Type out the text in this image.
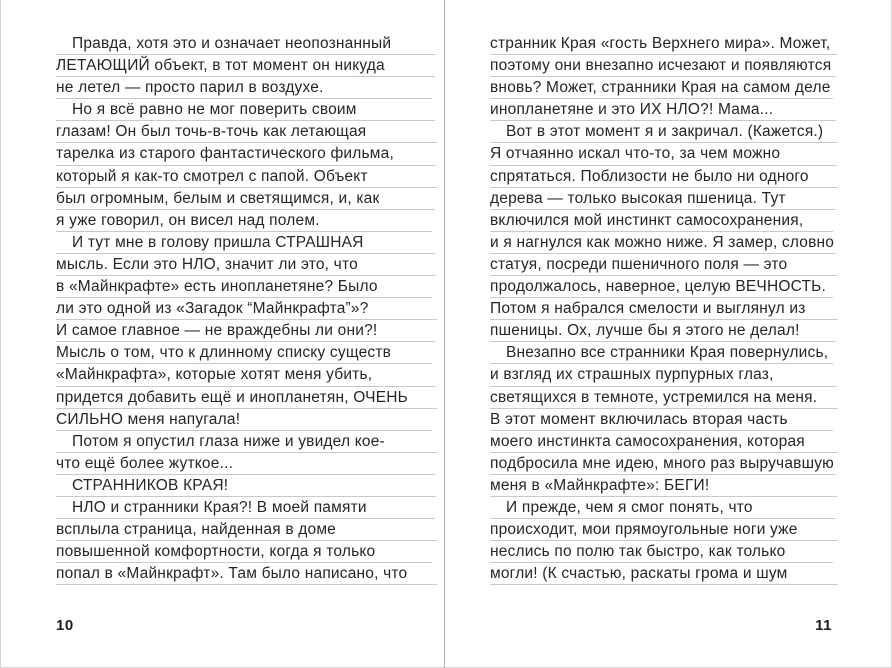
Правда, хотя это и означает неопознанный
ЛЕТАЮЩИЙ объект, в тот момент он никуда
не летел — просто парил в воздухе.
Но я всё равно не мог поверить своим
глазам! Он был точь-в-точь как летающая
тарелка из старого фантастического фильма,
который я как-то смотрел с папой. Объект
был огромным, белым и светящимся, и, как
я уже говорил, он висел над полем.
И тут мне в голову пришла СТРАШНАЯ
мысль. Если это НЛО, значит ли это, что
в «Майнкрафте» есть инопланетяне? Было
ли это одной из «Загадок “Майнкрафта”»?
И самое главное — не враждебны ли они?!
Мысль о том, что к длинному списку существ
«Майнкрафта», которые хотят меня убить,
придется добавить ещё и инопланетян, ОЧЕНЬ
СИЛЬНО меня напугала!
Потом я опустил глаза ниже и увидел кое-
что ещё более жуткое...
СТРАННИКОВ КРАЯ!
НЛО и странники Края?! В моей памяти
всплыла страница, найденная в доме
повышенной комфортности, когда я только
попал в «Майнкрафт». Там было написано, что
10
странник Края «гость Верхнего мира». Может,
поэтому они внезапно исчезают и появляются
вновь? Может, странники Края на самом деле
инопланетяне и это ИХ НЛО?! Мама...
Вот в этот момент я и закричал. (Кажется.)
Я отчаянно искал что-то, за чем можно
спрятаться. Поблизости не было ни одного
дерева — только высокая пшеница. Тут
включился мой инстинкт самосохранения,
и я нагнулся как можно ниже. Я замер, словно
статуя, посреди пшеничного поля — это
продолжалось, наверное, целую ВЕЧНОСТЬ.
Потом я набрался смелости и выглянул из
пшеницы. Ох, лучше бы я этого не делал!
Внезапно все странники Края повернулись,
и взгляд их страшных пурпурных глаз,
светящихся в темноте, устремился на меня.
В этот момент включилась вторая часть
моего инстинкта самосохранения, которая
подбросила мне идею, много раз выручавшую
меня в «Майнкрафте»: БЕГИ!
И прежде, чем я смог понять, что
происходит, мои прямоугольные ноги уже
неслись по полю так быстро, как только
могли! (К счастью, раскаты грома и шум
11
